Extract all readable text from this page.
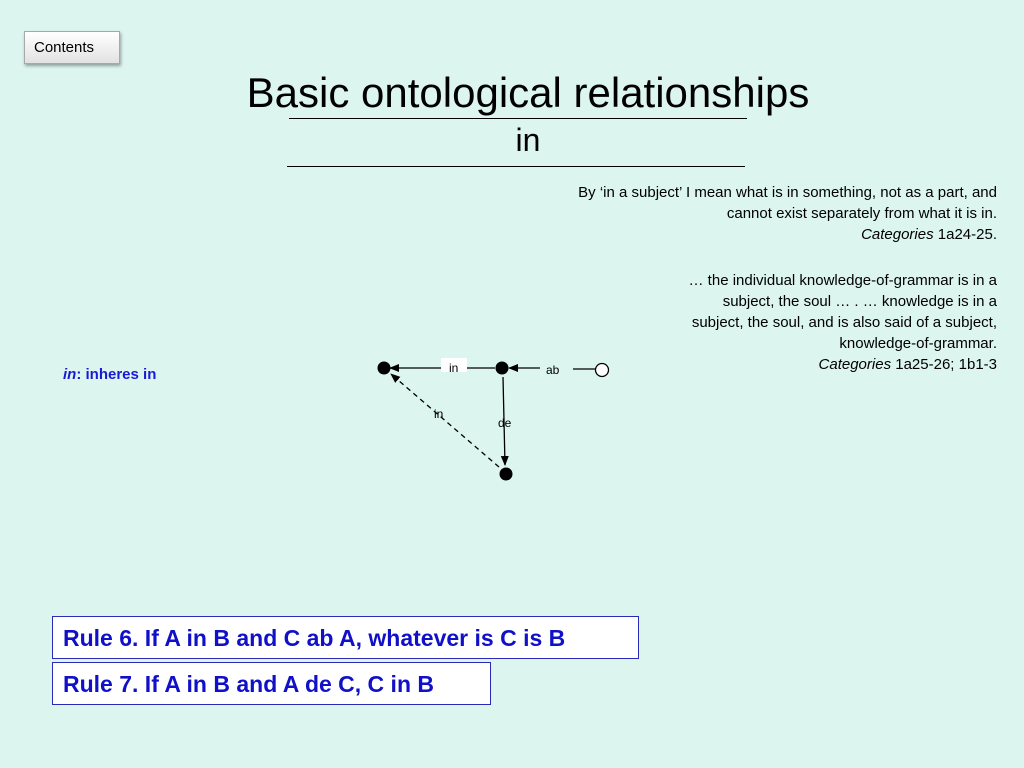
Contents
Basic ontological relationships
in
By ‘in a subject’ I mean what is in something, not as a part, and
cannot exist separately from what it is in.
Categories 1a24-25.
… the individual knowledge-of-grammar is in a
subject, the soul … . … knowledge is in a
subject, the soul, and is also said of a subject,
knowledge-of-grammar.
Categories 1a25-26; 1b1-3
in: inheres in	in	ab
in
de
Rule 6. If A in B and C ab A, whatever is C is B
Rule 7. If A in B and A de C, C in B
